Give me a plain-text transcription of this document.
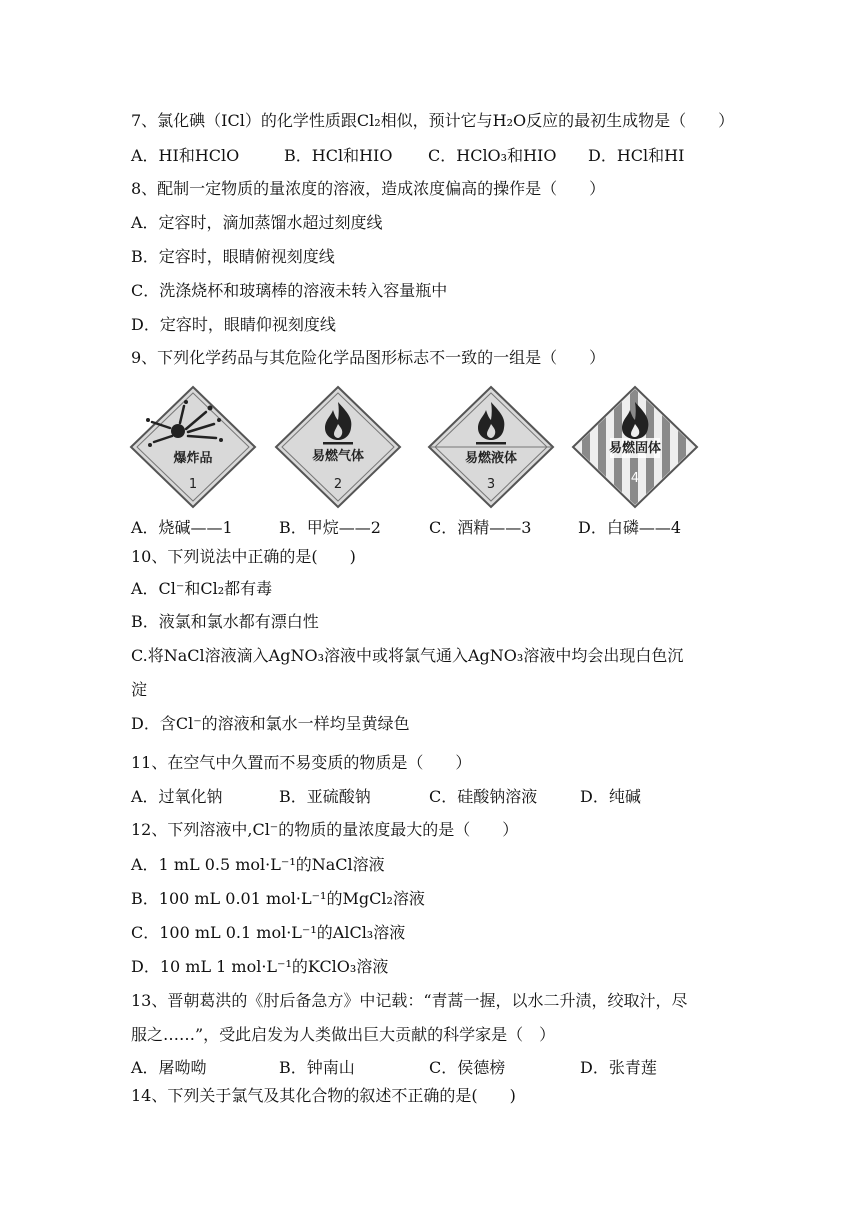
7、氯化碘（ICl）的化学性质跟Cl₂相似，预计它与H₂O反应的最初生成物是（　　）
A．HI和HClO	B．HCl和HIO C．HClO₃和HIO D．HCl和HI
8、配制一定物质的量浓度的溶液，造成浓度偏高的操作是（　　）
A．定容时，滴加蒸馏水超过刻度线
B．定容时，眼睛俯视刻度线
C．洗涤烧杯和玻璃棒的溶液未转入容量瓶中
D．定容时，眼睛仰视刻度线
9、下列化学药品与其危险化学品图形标志不一致的一组是（　　）
爆炸品
1
易燃气体
2
易燃液体
3
易燃固体
4
A．烧碱——1	B．甲烷——2	C．酒精——3	D．白磷——4
10、下列说法中正确的是(　　)
A．Cl⁻和Cl₂都有毒
B．液氯和氯水都有漂白性
C.将NaCl溶液滴入AgNO₃溶液中或将氯气通入AgNO₃溶液中均会出现白色沉
淀
D．含Cl⁻的溶液和氯水一样均呈黄绿色
11、在空气中久置而不易变质的物质是（　　）
A．过氧化钠	B．亚硫酸钠	C．硅酸钠溶液	D．纯碱
12、下列溶液中,Cl⁻的物质的量浓度最大的是（　　）
A．1 mL 0.5 mol·L⁻¹的NaCl溶液
B．100 mL 0.01 mol·L⁻¹的MgCl₂溶液
C．100 mL 0.1 mol·L⁻¹的AlCl₃溶液
D．10 mL 1 mol·L⁻¹的KClO₃溶液
13、晋朝葛洪的《肘后备急方》中记载：“青蒿一握，以水二升渍，绞取汁，尽
服之……”，受此启发为人类做出巨大贡献的科学家是（　）
A．屠呦呦	B．钟南山	C．侯德榜	D．张青莲
14、下列关于氯气及其化合物的叙述不正确的是(　　)
